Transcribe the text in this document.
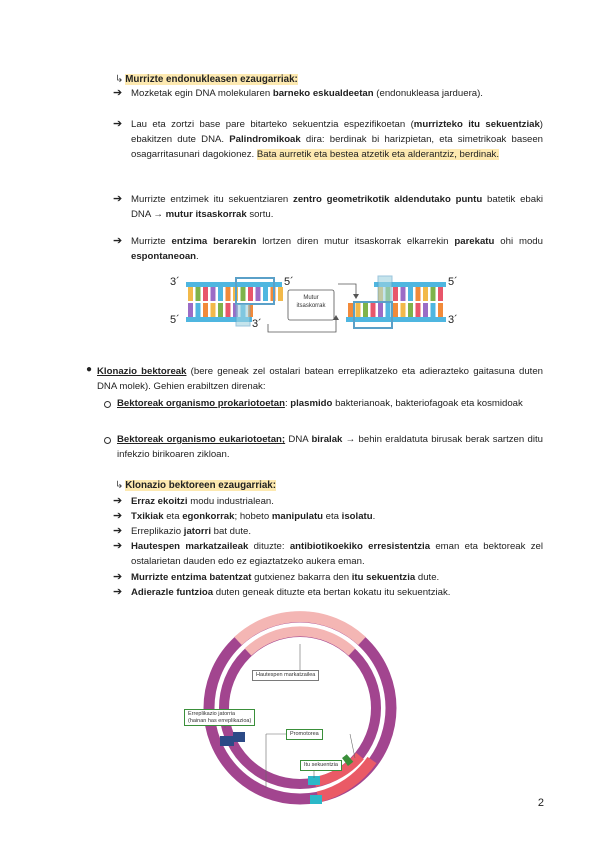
↳ Murrizte endonukleasen ezaugarriak:
➔ Mozketak egin DNA molekularen barneko eskualdeetan (endonukleasa jarduera).
➔ Lau eta zortzi base pare bitarteko sekuentzia espezifikoetan (murrizteko itu sekuentziak) ebakitzen dute DNA. Palindromikoak dira: berdinak bi harizpietan, eta simetrikoak baseen osagarritasunari dagokionez. Bata aurretik eta bestea atzetik eta alderantziz, berdinak.
➔ Murrizte entzimek itu sekuentziaren zentro geometrikotik aldendutako puntu batetik ebaki DNA → mutur itsaskorrak sortu.
➔ Murrizte entzima berarekin lortzen diren mutur itsaskorrak elkarrekin parekatu ohi modu espontaneoan.
3´
5´
5´
3´
5´
3´
Mutur
itsaskorrak
● Klonazio bektoreak (bere geneak zel ostalari batean erreplikatzeko eta adierazteko gaitasuna duten DNA molek). Gehien erabiltzen direnak:
Bektoreak organismo prokariotoetan: plasmido bakterianoak, bakteriofagoak eta kosmidoak
Bektoreak organismo eukariotoetan; DNA biralak → behin eraldatuta birusak berak sartzen ditu infekzio birikoaren zikloan.
↳ Klonazio bektoreen ezaugarriak:
➔ Erraz ekoitzi modu industrialean.
➔ Txikiak eta egonkorrak; hobeto manipulatu eta isolatu.
➔ Erreplikazio jatorri bat dute.
➔ Hautespen markatzaileak dituzte: antibiotikoekiko erresistentzia eman eta bektoreak zel ostalarietan dauden edo ez egiaztatzeko aukera eman.
➔ Murrizte entzima batentzat gutxienez bakarra den itu sekuentzia dute.
➔ Adierazle funtzioa duten geneak dituzte eta bertan kokatu itu sekuentziak.
Hautespen markatzailea
Erreplikazio jatorria
(hainan has erreplikazioa)
Promotorea
Itu sekuentzia
2
